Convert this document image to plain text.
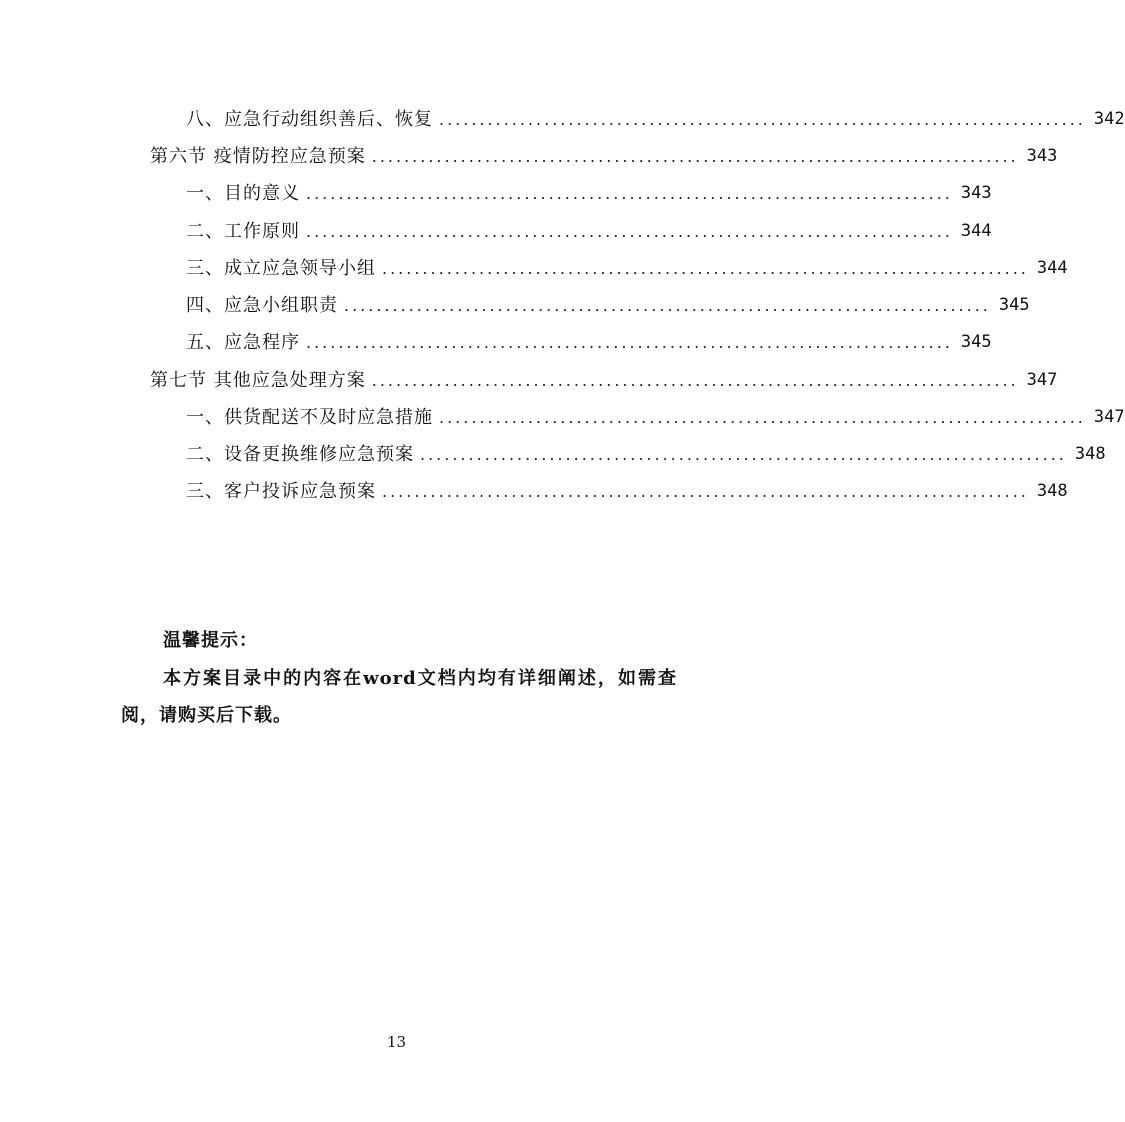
八、应急行动组织善后、恢复 ................................................................................ 342
第六节 疫情防控应急预案 ................................................................................ 343
一、目的意义 ................................................................................ 343
二、工作原则 ................................................................................ 344
三、成立应急领导小组 ................................................................................ 344
四、应急小组职责 ................................................................................ 345
五、应急程序 ................................................................................ 345
第七节 其他应急处理方案 ................................................................................ 347
一、供货配送不及时应急措施 ................................................................................ 347
二、设备更换维修应急预案 ................................................................................ 348
三、客户投诉应急预案 ................................................................................ 348
温馨提示：
本方案目录中的内容在word文档内均有详细阐述，如需查阅，请购买后下载。
13
